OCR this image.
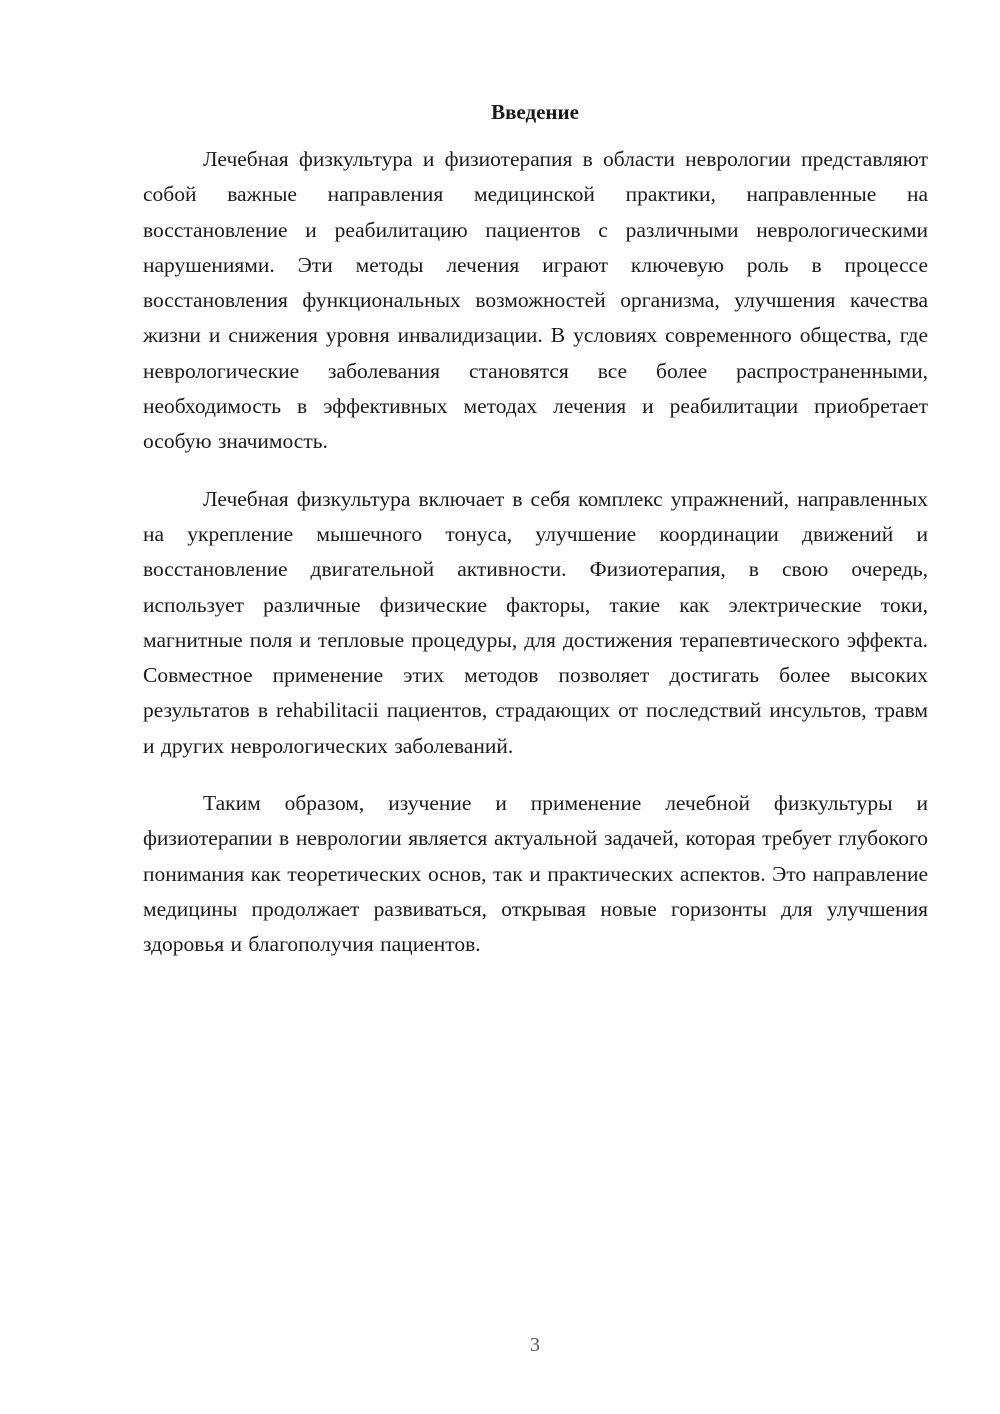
Введение

Лечебная физкультура и физиотерапия в области неврологии представляют собой важные направления медицинской практики, направленные на восстановление и реабилитацию пациентов с различными неврологическими нарушениями. Эти методы лечения играют ключевую роль в процессе восстановления функциональных возможностей организма, улучшения качества жизни и снижения уровня инвалидизации. В условиях современного общества, где неврологические заболевания становятся все более распространенными, необходимость в эффективных методах лечения и реабилитации приобретает особую значимость.

Лечебная физкультура включает в себя комплекс упражнений, направленных на укрепление мышечного тонуса, улучшение координации движений и восстановление двигательной активности. Физиотерапия, в свою очередь, использует различные физические факторы, такие как электрические токи, магнитные поля и тепловые процедуры, для достижения терапевтического эффекта. Совместное применение этих методов позволяет достигать более высоких результатов в rehabilitacii пациентов, страдающих от последствий инсультов, травм и других неврологических заболеваний.

Таким образом, изучение и применение лечебной физкультуры и физиотерапии в неврологии является актуальной задачей, которая требует глубокого понимания как теоретических основ, так и практических аспектов. Это направление медицины продолжает развиваться, открывая новые горизонты для улучшения здоровья и благополучия пациентов.

3
